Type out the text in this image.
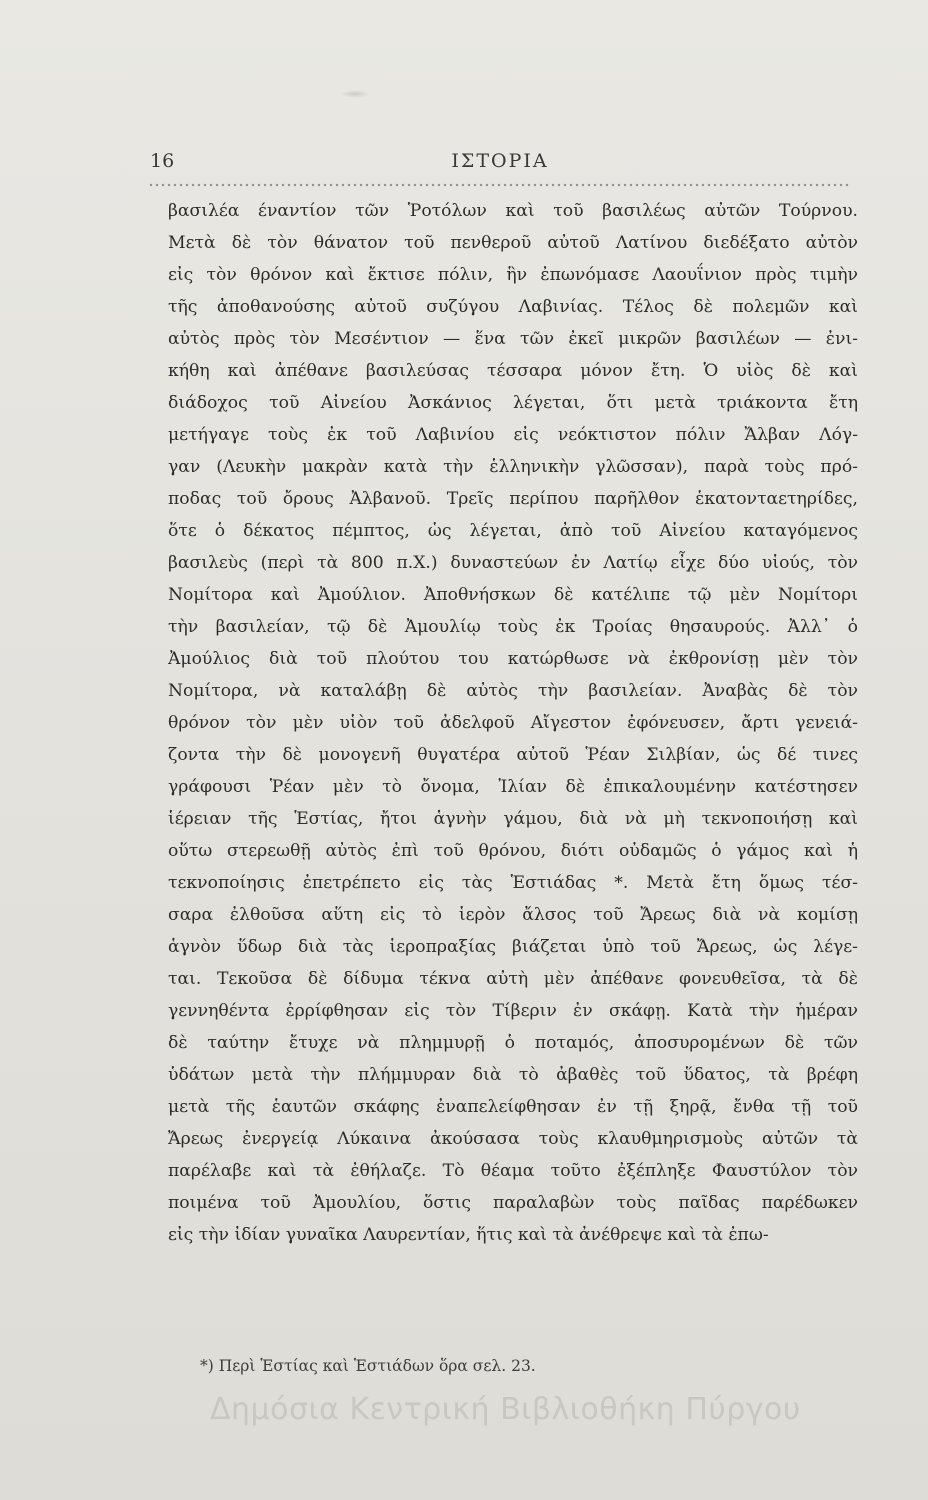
16	ΙΣΤΟΡΙΑ
βασιλέα έναντίον τῶν Ῥοτόλων καὶ τοῦ βασιλέως αὐτῶν Τούρνου.
Μετὰ δὲ τὸν θάνατον τοῦ πενθεροῦ αὐτοῦ Λατίνου διεδέξατο αὐτὸν
εἰς τὸν θρόνον καὶ ἔκτισε πόλιν, ἣν ἐπωνόμασε Λαουΐνιον πρὸς τιμὴν
τῆς ἀποθανούσης αὐτοῦ συζύγου Λαβινίας. Τέλος δὲ πολεμῶν καὶ
αὐτὸς πρὸς τὸν Μεσέντιον — ἕνα τῶν ἐκεῖ μικρῶν βασιλέων — ἐνι-
κήθη καὶ ἀπέθανε βασιλεύσας τέσσαρα μόνον ἔτη. Ὁ υἱὸς δὲ καὶ
διάδοχος τοῦ Αἰνείου Ἀσκάνιος λέγεται, ὅτι μετὰ τριάκοντα ἔτη
μετήγαγε τοὺς ἐκ τοῦ Λαβινίου εἰς νεόκτιστον πόλιν Ἄλβαν Λόγ-
γαν (Λευκὴν μακρὰν κατὰ τὴν ἑλληνικὴν γλῶσσαν), παρὰ τοὺς πρό-
ποδας τοῦ ὄρους Ἀλβανοῦ. Τρεῖς περίπου παρῆλθον ἑκατονταετηρίδες,
ὅτε ὁ δέκατος πέμπτος, ὡς λέγεται, ἀπὸ τοῦ Αἰνείου καταγόμενος
βασιλεὺς (περὶ τὰ 800 π.Χ.) δυναστεύων ἐν Λατίῳ εἶχε δύο υἱούς, τὸν
Νομίτορα καὶ Ἀμούλιον. Ἀποθνήσκων δὲ κατέλιπε τῷ μὲν Νομίτορι
τὴν βασιλείαν, τῷ δὲ Ἀμουλίῳ τοὺς ἐκ Τροίας θησαυρούς. Ἀλλ᾽ ὁ
Ἀμούλιος διὰ τοῦ πλούτου του κατώρθωσε νὰ ἐκθρονίσῃ μὲν τὸν
Νομίτορα, νὰ καταλάβῃ δὲ αὐτὸς τὴν βασιλείαν. Ἀναβὰς δὲ τὸν
θρόνον τὸν μὲν υἱὸν τοῦ ἀδελφοῦ Αἴγεστον ἐφόνευσεν, ἄρτι γενειά-
ζοντα τὴν δὲ μονογενῆ θυγατέρα αὐτοῦ Ῥέαν Σιλβίαν, ὡς δέ τινες
γράφουσι Ῥέαν μὲν τὸ ὄνομα, Ἰλίαν δὲ ἐπικαλουμένην κατέστησεν
ἱέρειαν τῆς Ἑστίας, ἤτοι ἁγνὴν γάμου, διὰ νὰ μὴ τεκνοποιήσῃ καὶ
οὕτω στερεωθῇ αὐτὸς ἐπὶ τοῦ θρόνου, διότι οὐδαμῶς ὁ γάμος καὶ ἡ
τεκνοποίησις ἐπετρέπετο εἰς τὰς Ἑστιάδας *. Μετὰ ἔτη ὅμως τέσ-
σαρα ἐλθοῦσα αὕτη εἰς τὸ ἱερὸν ἄλσος τοῦ Ἄρεως διὰ νὰ κομίσῃ
ἁγνὸν ὕδωρ διὰ τὰς ἱεροπραξίας βιάζεται ὑπὸ τοῦ Ἄρεως, ὡς λέγε-
ται. Τεκοῦσα δὲ δίδυμα τέκνα αὐτὴ μὲν ἀπέθανε φονευθεῖσα, τὰ δὲ
γεννηθέντα ἐρρίφθησαν εἰς τὸν Τίβεριν ἐν σκάφῃ. Κατὰ τὴν ἡμέραν
δὲ ταύτην ἔτυχε νὰ πλημμυρῇ ὁ ποταμός, ἀποσυρομένων δὲ τῶν
ὑδάτων μετὰ τὴν πλήμμυραν διὰ τὸ ἀβαθὲς τοῦ ὕδατος, τὰ βρέφη
μετὰ τῆς ἑαυτῶν σκάφης ἐναπελείφθησαν ἐν τῇ ξηρᾷ, ἔνθα τῇ τοῦ
Ἄρεως ἐνεργείᾳ Λύκαινα ἀκούσασα τοὺς κλαυθμηρισμοὺς αὐτῶν τὰ
παρέλαβε καὶ τὰ ἐθήλαζε. Τὸ θέαμα τοῦτο ἐξέπληξε Φαυστύλον τὸν
ποιμένα τοῦ Ἀμουλίου, ὅστις παραλαβὼν τοὺς παῖδας παρέδωκεν
εἰς τὴν ἰδίαν γυναῖκα Λαυρεντίαν, ἥτις καὶ τὰ ἀνέθρεψε καὶ τὰ ἐπω-
*) Περὶ Ἑστίας καὶ Ἑστιάδων ὅρα σελ. 23.
Δημόσια Κεντρική Βιβλιοθήκη Πύργου
